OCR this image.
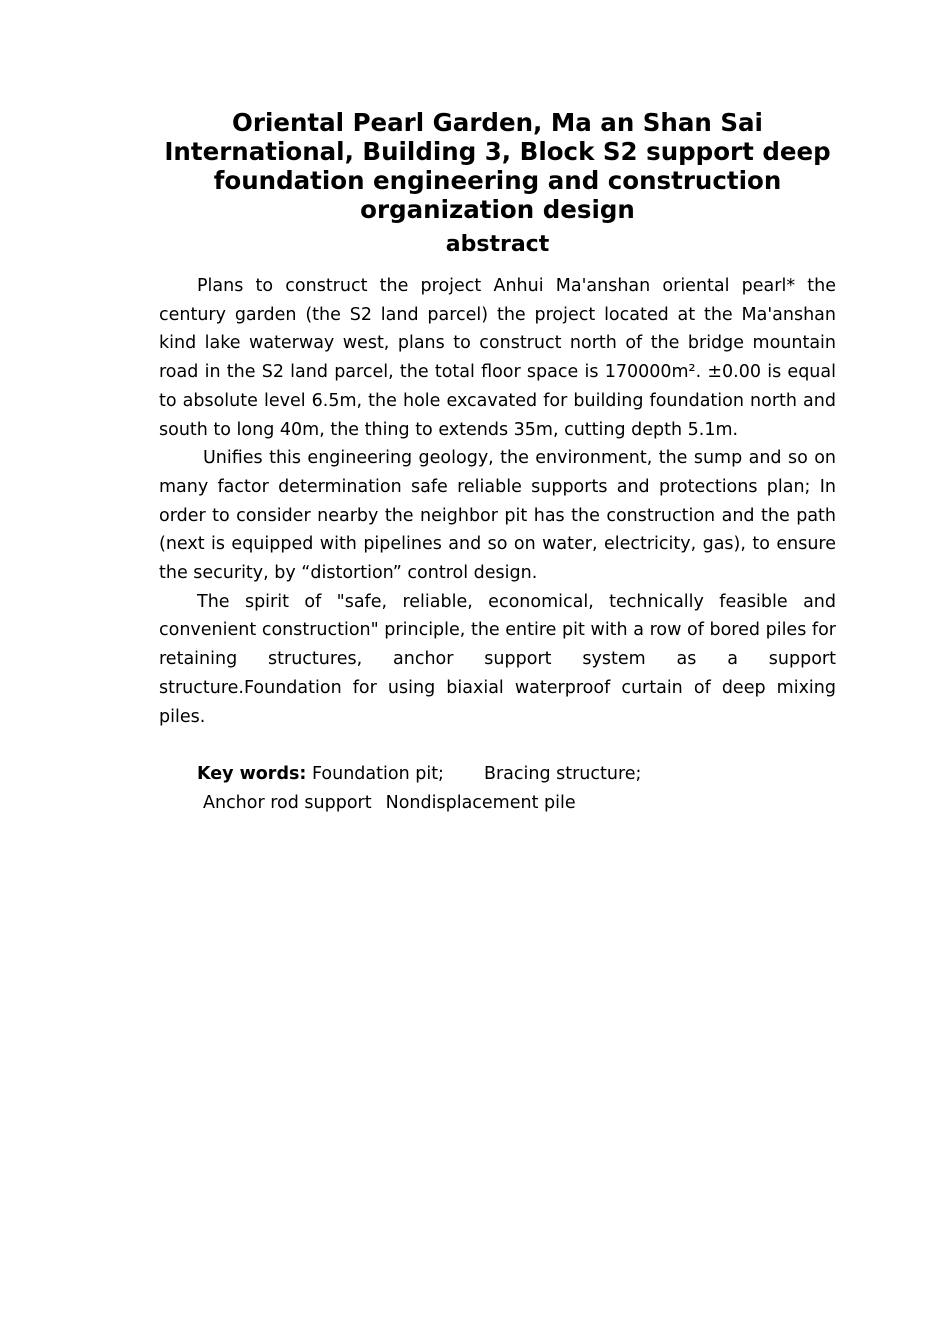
Oriental Pearl Garden, Ma an Shan Sai International, Building 3, Block S2 support deep foundation engineering and construction organization design
abstract

Plans to construct the project Anhui Ma'anshan oriental pearl* the century garden (the S2 land parcel) the project located at the Ma'anshan kind lake waterway west, plans to construct north of the bridge mountain road in the S2 land parcel, the total floor space is 170000m². ±0.00 is equal to absolute level 6.5m, the hole excavated for building foundation north and south to long 40m, the thing to extends 35m, cutting depth 5.1m.

Unifies this engineering geology, the environment, the sump and so on many factor determination safe reliable supports and protections plan; In order to consider nearby the neighbor pit has the construction and the path (next is equipped with pipelines and so on water, electricity, gas), to ensure the security, by “distortion” control design.

The spirit of "safe, reliable, economical, technically feasible and convenient construction" principle, the entire pit with a row of bored piles for retaining structures, anchor support system as a support structure.Foundation for using biaxial waterproof curtain of deep mixing piles.

Key words: Foundation pit; Bracing structure;
Anchor rod support Nondisplacement pile
